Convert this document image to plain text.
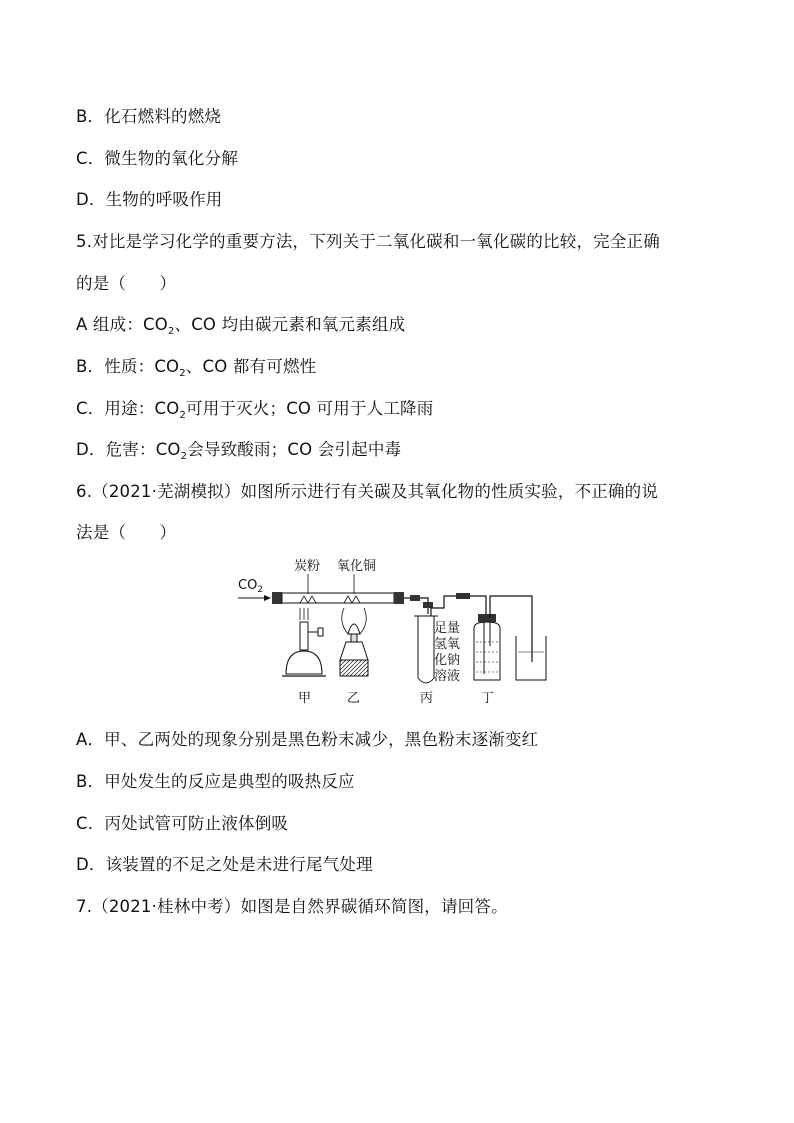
B．化石燃料的燃烧
C．微生物的氧化分解
D．生物的呼吸作用
5.对比是学习化学的重要方法，下列关于二氧化碳和一氧化碳的比较，完全正确
的是（　　）
A 组成：$CO_2$、CO 均由碳元素和氧元素组成
B．性质：$CO_2$、CO 都有可燃性
C．用途：$CO_2$可用于灭火；CO 可用于人工降雨
D．危害：$CO_2$会导致酸雨；CO 会引起中毒
6.（2021·芜湖模拟）如图所示进行有关碳及其氧化物的性质实验，不正确的说
法是（　　）
$CO_2$
炭粉 氧化铜
足量
氢氧
化钠
溶液
甲	乙	丙	丁
A．甲、乙两处的现象分别是黑色粉末减少，黑色粉末逐渐变红
B．甲处发生的反应是典型的吸热反应
C．丙处试管可防止液体倒吸
D．该装置的不足之处是未进行尾气处理
7.（2021·桂林中考）如图是自然界碳循环简图，请回答。
